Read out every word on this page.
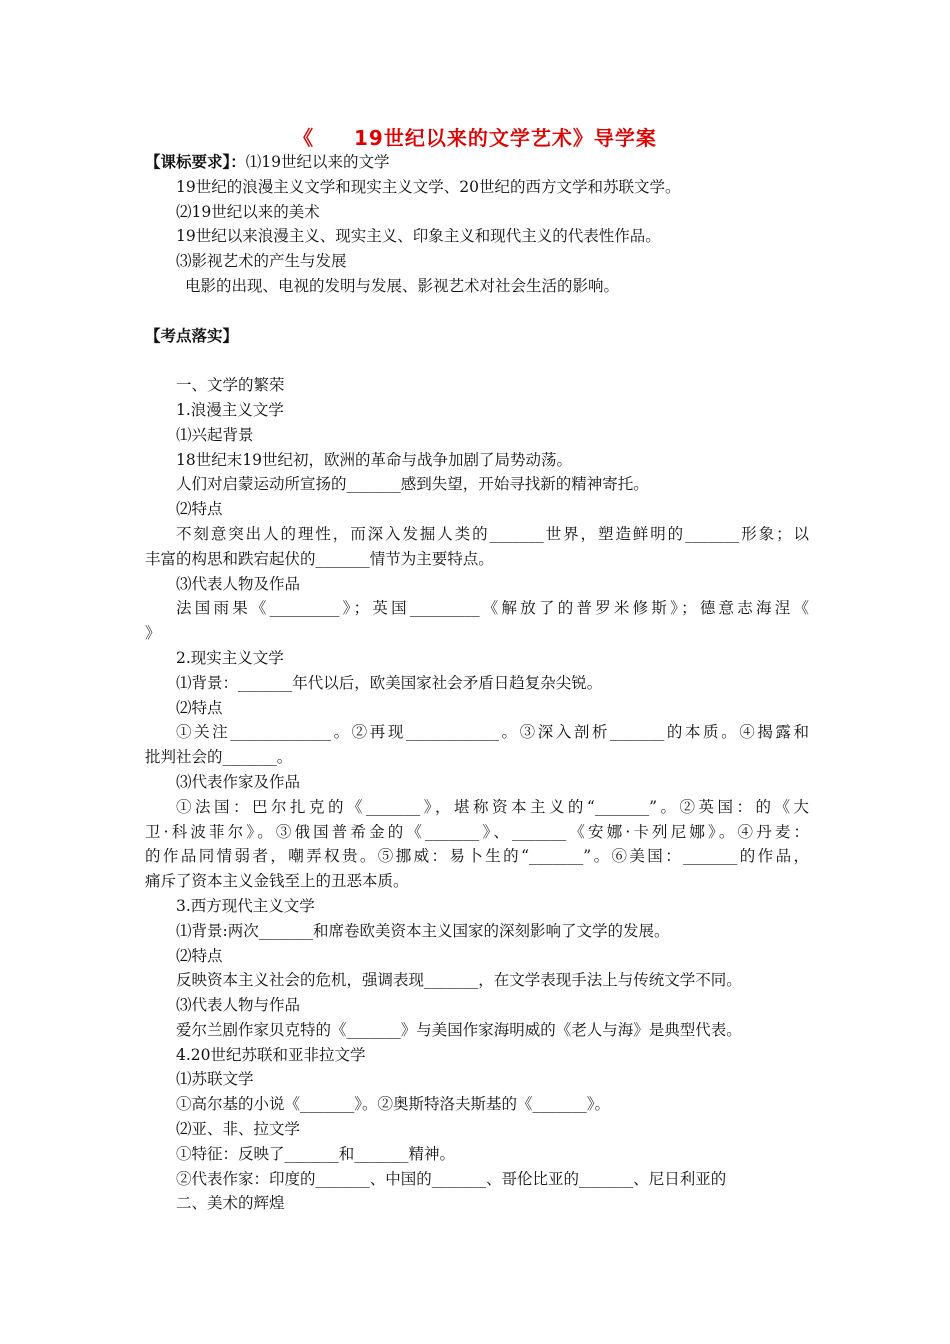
《     19世纪以来的文学艺术》导学案
【课标要求】：⑴19世纪以来的文学
19世纪的浪漫主义文学和现实主义文学、20世纪的西方文学和苏联文学。
⑵19世纪以来的美术
19世纪以来浪漫主义、现实主义、印象主义和现代主义的代表性作品。
⑶影视艺术的产生与发展
电影的出现、电视的发明与发展、影视艺术对社会生活的影响。
【考点落实】
一、文学的繁荣
1.浪漫主义文学
⑴兴起背景
18世纪末19世纪初，欧洲的革命与战争加剧了局势动荡。
人们对启蒙运动所宣扬的_______感到失望，开始寻找新的精神寄托。
⑵特点
不刻意突出人的理性，而深入发掘人类的_______世界，塑造鲜明的_______形象；以
丰富的构思和跌宕起伏的_______情节为主要特点。
⑶代表人物及作品
法国雨果《_________》；英国_________《解放了的普罗米修斯》；德意志海涅《
》
2.现实主义文学
⑴背景：_______年代以后，欧美国家社会矛盾日趋复杂尖锐。
⑵特点
①关注_____________。②再现____________。③深入剖析_______的本质。④揭露和
批判社会的_______。
⑶代表作家及作品
①法国：巴尔扎克的《_______》，堪称资本主义的“_______”。②英国：的《大
卫·科波菲尔》。③俄国普希金的《_______》、_______《安娜·卡列尼娜》。④丹麦：
的作品同情弱者，嘲弄权贵。⑤挪威：易卜生的“_______”。⑥美国：_______的作品，
痛斥了资本主义金钱至上的丑恶本质。
3.西方现代主义文学
⑴背景:两次_______和席卷欧美资本主义国家的深刻影响了文学的发展。
⑵特点
反映资本主义社会的危机，强调表现_______，在文学表现手法上与传统文学不同。
⑶代表人物与作品
爱尔兰剧作家贝克特的《_______》与美国作家海明威的《老人与海》是典型代表。
4.20世纪苏联和亚非拉文学
⑴苏联文学
①高尔基的小说《_______》。②奥斯特洛夫斯基的《_______》。
⑵亚、非、拉文学
①特征：反映了_______和_______精神。
②代表作家：印度的_______、中国的_______、哥伦比亚的_______、尼日利亚的
二、美术的辉煌
